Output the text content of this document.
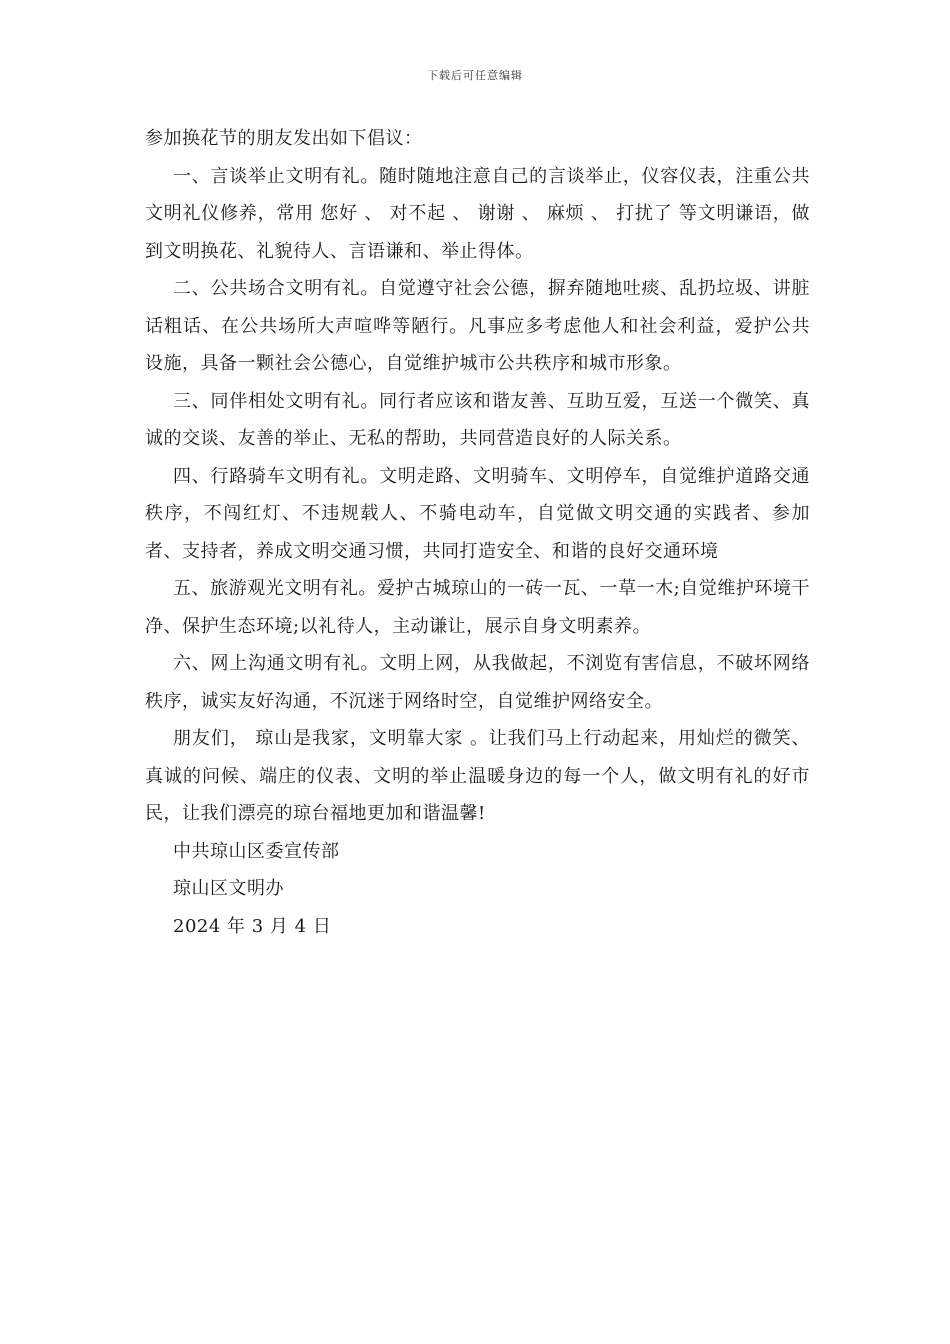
下载后可任意编辑

参加换花节的朋友发出如下倡议：

一、言谈举止文明有礼。随时随地注意自己的言谈举止，仪容仪表，注重公共文明礼仪修养，常用 您好 、 对不起 、 谢谢 、 麻烦 、 打扰了 等文明谦语，做到文明换花、礼貌待人、言语谦和、举止得体。

二、公共场合文明有礼。自觉遵守社会公德，摒弃随地吐痰、乱扔垃圾、讲脏话粗话、在公共场所大声喧哗等陋行。凡事应多考虑他人和社会利益，爱护公共设施，具备一颗社会公德心，自觉维护城市公共秩序和城市形象。

三、同伴相处文明有礼。同行者应该和谐友善、互助互爱，互送一个微笑、真诚的交谈、友善的举止、无私的帮助，共同营造良好的人际关系。

四、行路骑车文明有礼。文明走路、文明骑车、文明停车，自觉维护道路交通秩序，不闯红灯、不违规载人、不骑电动车，自觉做文明交通的实践者、参加者、支持者，养成文明交通习惯，共同打造安全、和谐的良好交通环境

五、旅游观光文明有礼。爱护古城琼山的一砖一瓦、一草一木;自觉维护环境干净、保护生态环境;以礼待人，主动谦让，展示自身文明素养。

六、网上沟通文明有礼。文明上网，从我做起，不浏览有害信息，不破坏网络秩序，诚实友好沟通，不沉迷于网络时空，自觉维护网络安全。

朋友们， 琼山是我家，文明靠大家 。让我们马上行动起来，用灿烂的微笑、真诚的问候、端庄的仪表、文明的举止温暖身边的每一个人，做文明有礼的好市民，让我们漂亮的琼台福地更加和谐温馨!

中共琼山区委宣传部

琼山区文明办

2024 年 3 月 4 日
